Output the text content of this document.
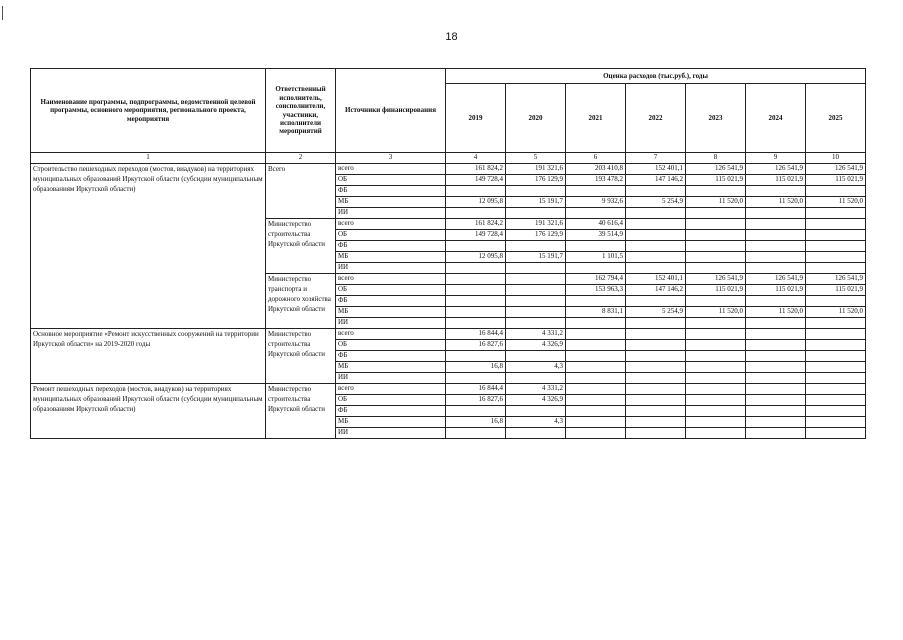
18
Наименование программы, подпрограммы, ведомственной целевой программы, основного мероприятия, регионального проекта, мероприятия	Ответственный исполнитель, соисполнители, участники, исполнители мероприятий	Источники финансирования	Оценка расходов (тыс.руб.), годы						
			2019	2020	2021	2022	2023	2024	2025
1	2	3	4	5	6	7	8	9	10
Строительство пешеходных переходов (мостов, виадуков) на территориях муниципальных образований Иркутской области (субсидии муниципальным образованиям Иркутской области)	Всего	всего	161 824,2	191 321,6	203 410,8	152 401,1	126 541,9	126 541,9	126 541,9
		ОБ	149 728,4	176 129,9	193 478,2	147 146,2	115 021,9	115 021,9	115 021,9
		ФБ							
		МБ	12 095,8	15 191,7	9 932,6	5 254,9	11 520,0	11 520,0	11 520,0
		ИИ							
	Министерство строительства Иркутской области	всего	161 824,2	191 321,6	40 616,4				
		ОБ	149 728,4	176 129,9	39 514,9				
		ФБ							
		МБ	12 095,8	15 191,7	1 101,5				
		ИИ							
	Министерство транспорта и дорожного хозяйства Иркутской области	всего			162 794,4	152 401,1	126 541,9	126 541,9	126 541,9
		ОБ			153 963,3	147 146,2	115 021,9	115 021,9	115 021,9
		ФБ							
		МБ			8 831,1	5 254,9	11 520,0	11 520,0	11 520,0
		ИИ							
Основное мероприятие «Ремонт искусственных сооружений на территории Иркутской области» на 2019-2020 годы	Министерство строительства Иркутской области	всего	16 844,4	4 331,2					
		ОБ	16 827,6	4 326,9					
		ФБ							
		МБ	16,8	4,3					
		ИИ							
Ремонт пешеходных переходов (мостов, виадуков) на территориях муниципальных образований Иркутской области (субсидии муниципальным образованиям Иркутской области)	Министерство строительства Иркутской области	всего	16 844,4	4 331,2					
		ОБ	16 827,6	4 326,9					
		ФБ							
		МБ	16,8	4,3					
		ИИ							
